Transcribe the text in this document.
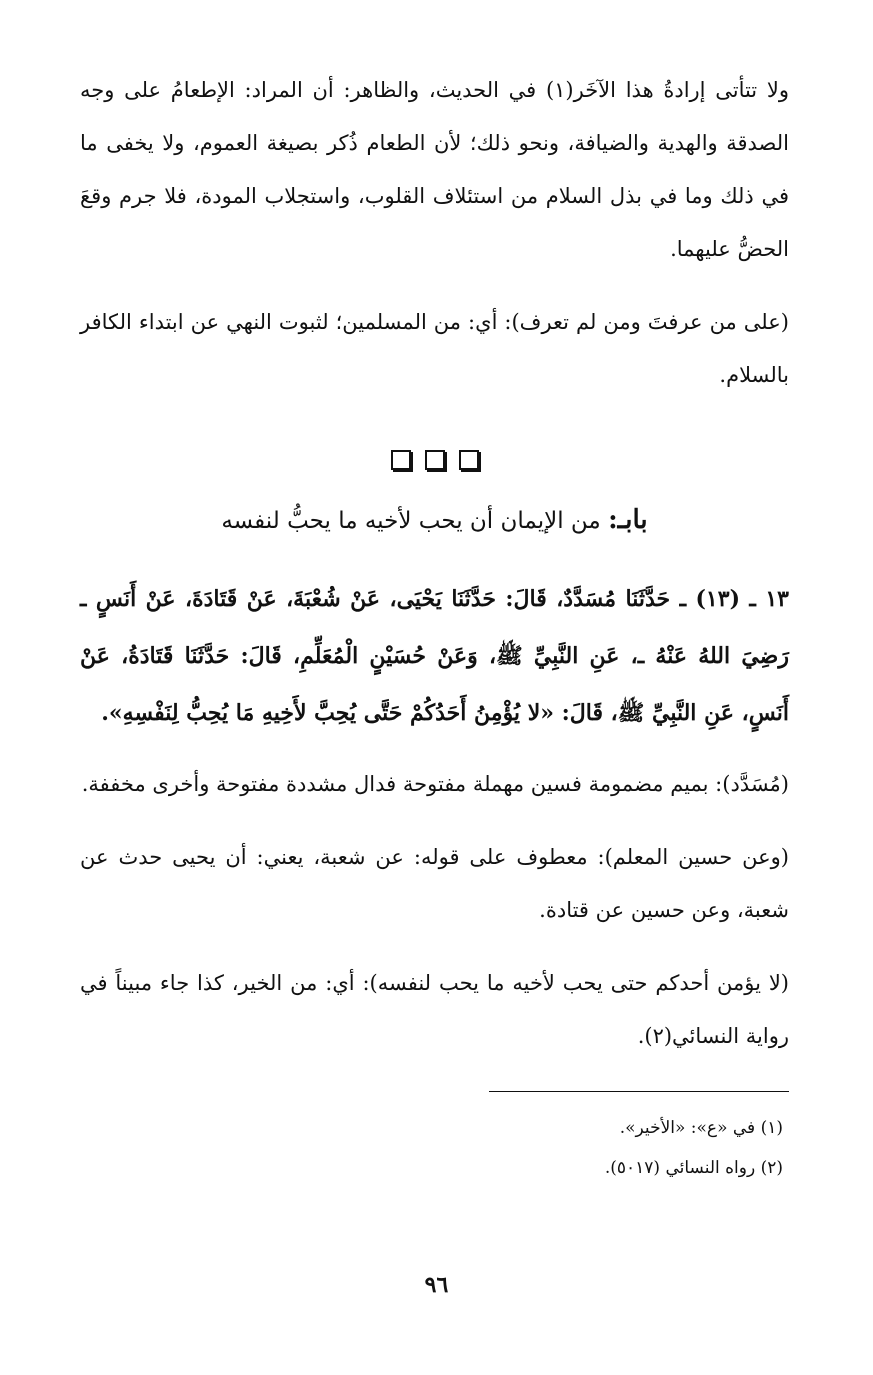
ولا تتأتى إرادةُ هذا الآخَر(١) في الحديث، والظاهر: أن المراد: الإطعامُ على وجه الصدقة والهدية والضيافة، ونحو ذلك؛ لأن الطعام ذُكر بصيغة العموم، ولا يخفى ما في ذلك وما في بذل السلام من استئلاف القلوب، واستجلاب المودة، فلا جرم وقعَ الحضُّ عليهما.

(على من عرفتَ ومن لم تعرف): أي: من المسلمين؛ لثبوت النهي عن ابتداء الكافر بالسلام.

بابـ: من الإيمان أن يحب لأخيه ما يحبُّ لنفسه

١٣ ـ (١٣) ـ حَدَّثَنَا مُسَدَّدٌ، قَالَ: حَدَّثَنَا يَحْيَى، عَنْ شُعْبَةَ، عَنْ قَتَادَةَ، عَنْ أَنَسٍ ـ رَضِيَ اللهُ عَنْهُ ـ، عَنِ النَّبِيِّ ﷺ، وَعَنْ حُسَيْنٍ الْمُعَلِّمِ، قَالَ: حَدَّثَنَا قَتَادَةُ، عَنْ أَنَسٍ، عَنِ النَّبِيِّ ﷺ، قَالَ: «لا يُؤْمِنُ أَحَدُكُمْ حَتَّى يُحِبَّ لأَخِيهِ مَا يُحِبُّ لِنَفْسِهِ».

(مُسَدَّد): بميم مضمومة فسين مهملة مفتوحة فدال مشددة مفتوحة وأخرى مخففة.

(وعن حسين المعلم): معطوف على قوله: عن شعبة، يعني: أن يحيى حدث عن شعبة، وعن حسين عن قتادة.

(لا يؤمن أحدكم حتى يحب لأخيه ما يحب لنفسه): أي: من الخير، كذا جاء مبيناً في رواية النسائي(٢).

(١) في «ع»: «الأخير».

(٢) رواه النسائي (٥٠١٧).

٩٦
